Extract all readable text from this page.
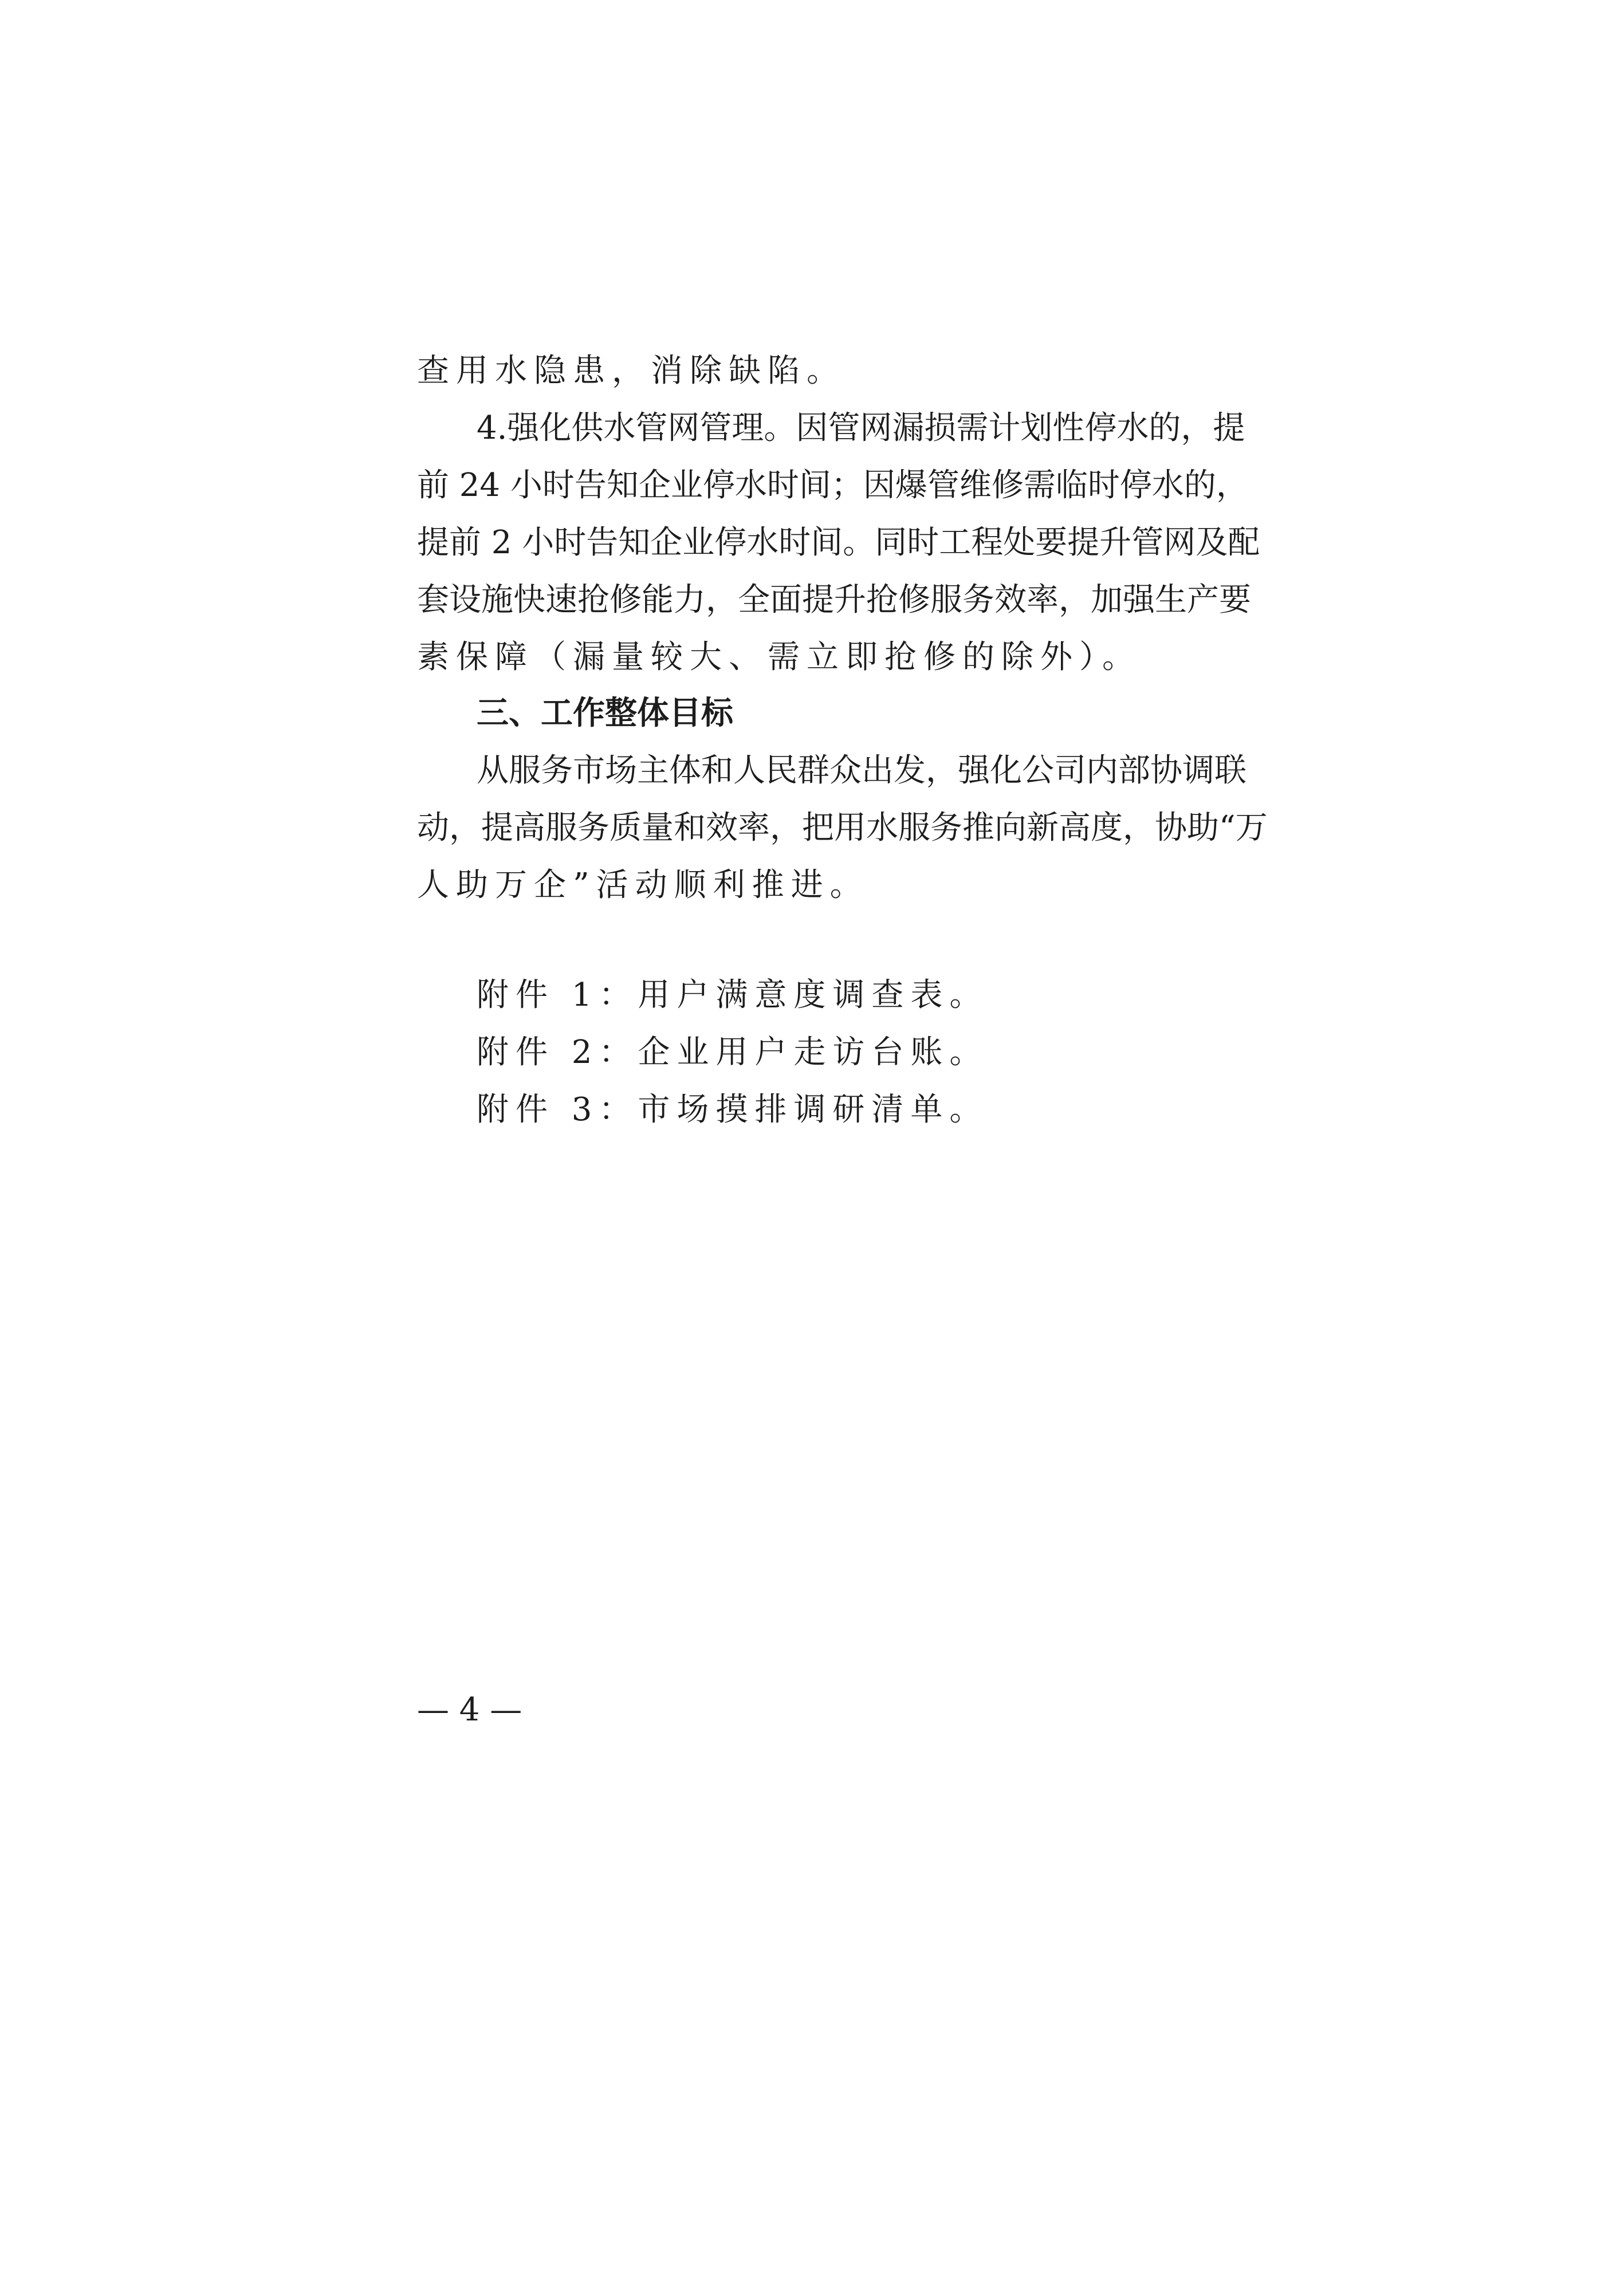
查用水隐患，消除缺陷。

4.强化供水管网管理。因管网漏损需计划性停水的，提

前 24 小时告知企业停水时间；因爆管维修需临时停水的，

提前 2 小时告知企业停水时间。同时工程处要提升管网及配

套设施快速抢修能力，全面提升抢修服务效率，加强生产要

素保障（漏量较大、需立即抢修的除外）。

三、工作整体目标

从服务市场主体和人民群众出发，强化公司内部协调联

动，提高服务质量和效率，把用水服务推向新高度，协助“万

人助万企”活动顺利推进。

附件 1：用户满意度调查表。

附件 2：企业用户走访台账。

附件 3：市场摸排调研清单。

— 4 —
